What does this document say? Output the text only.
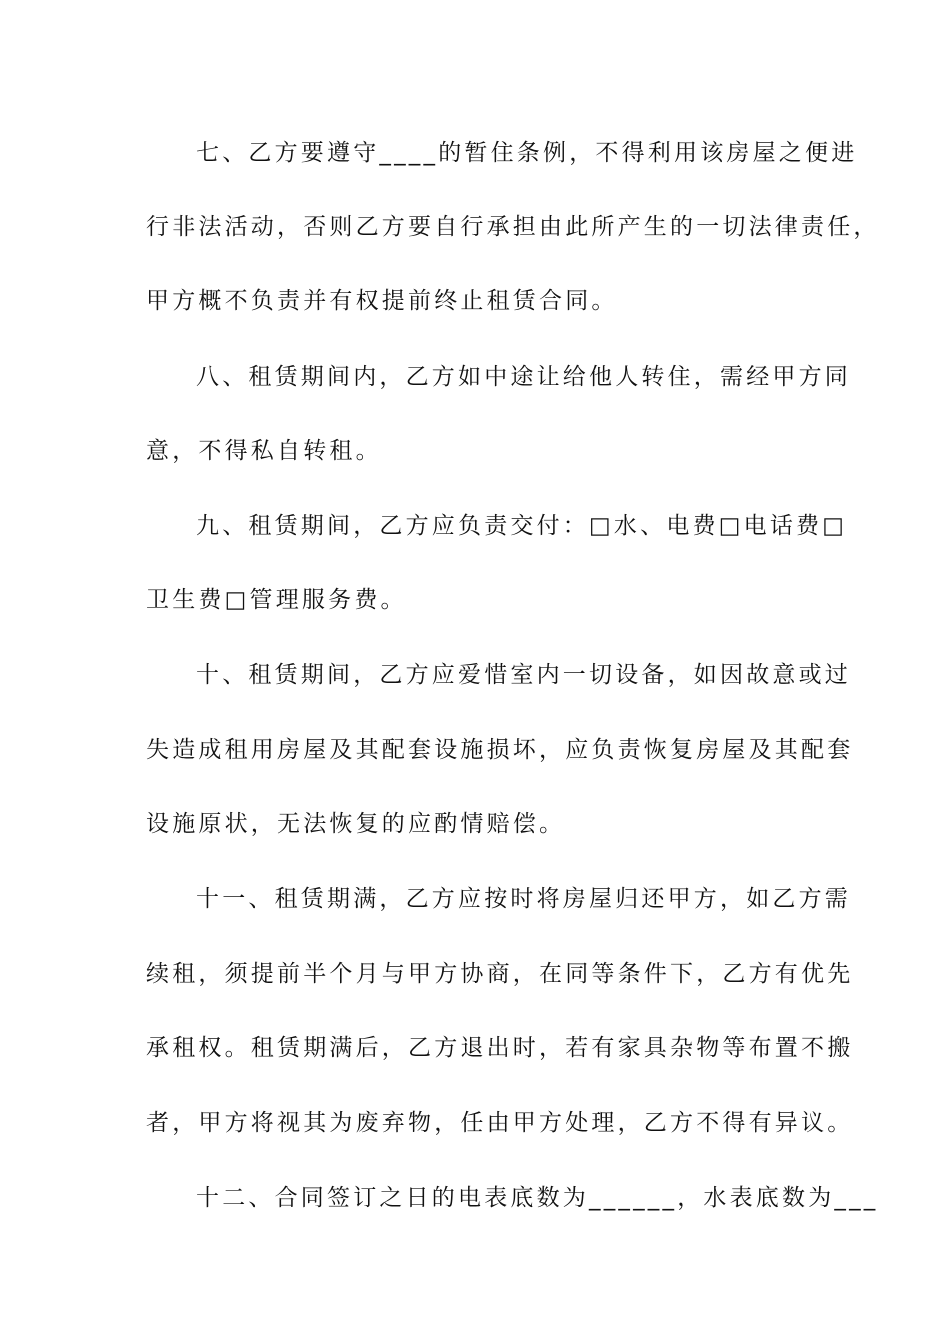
七、乙方要遵守____的暂住条例，不得利用该房屋之便进
行非法活动，否则乙方要自行承担由此所产生的一切法律责任，
甲方概不负责并有权提前终止租赁合同。
八、租赁期间内，乙方如中途让给他人转住，需经甲方同
意，不得私自转租。
九、租赁期间，乙方应负责交付：□水、电费□电话费□
卫生费□管理服务费。
十、租赁期间，乙方应爱惜室内一切设备，如因故意或过
失造成租用房屋及其配套设施损坏，应负责恢复房屋及其配套
设施原状，无法恢复的应酌情赔偿。
十一、租赁期满，乙方应按时将房屋归还甲方，如乙方需
续租，须提前半个月与甲方协商，在同等条件下，乙方有优先
承租权。租赁期满后，乙方退出时，若有家具杂物等布置不搬
者，甲方将视其为废弃物，任由甲方处理，乙方不得有异议。
十二、合同签订之日的电表底数为______，水表底数为___
